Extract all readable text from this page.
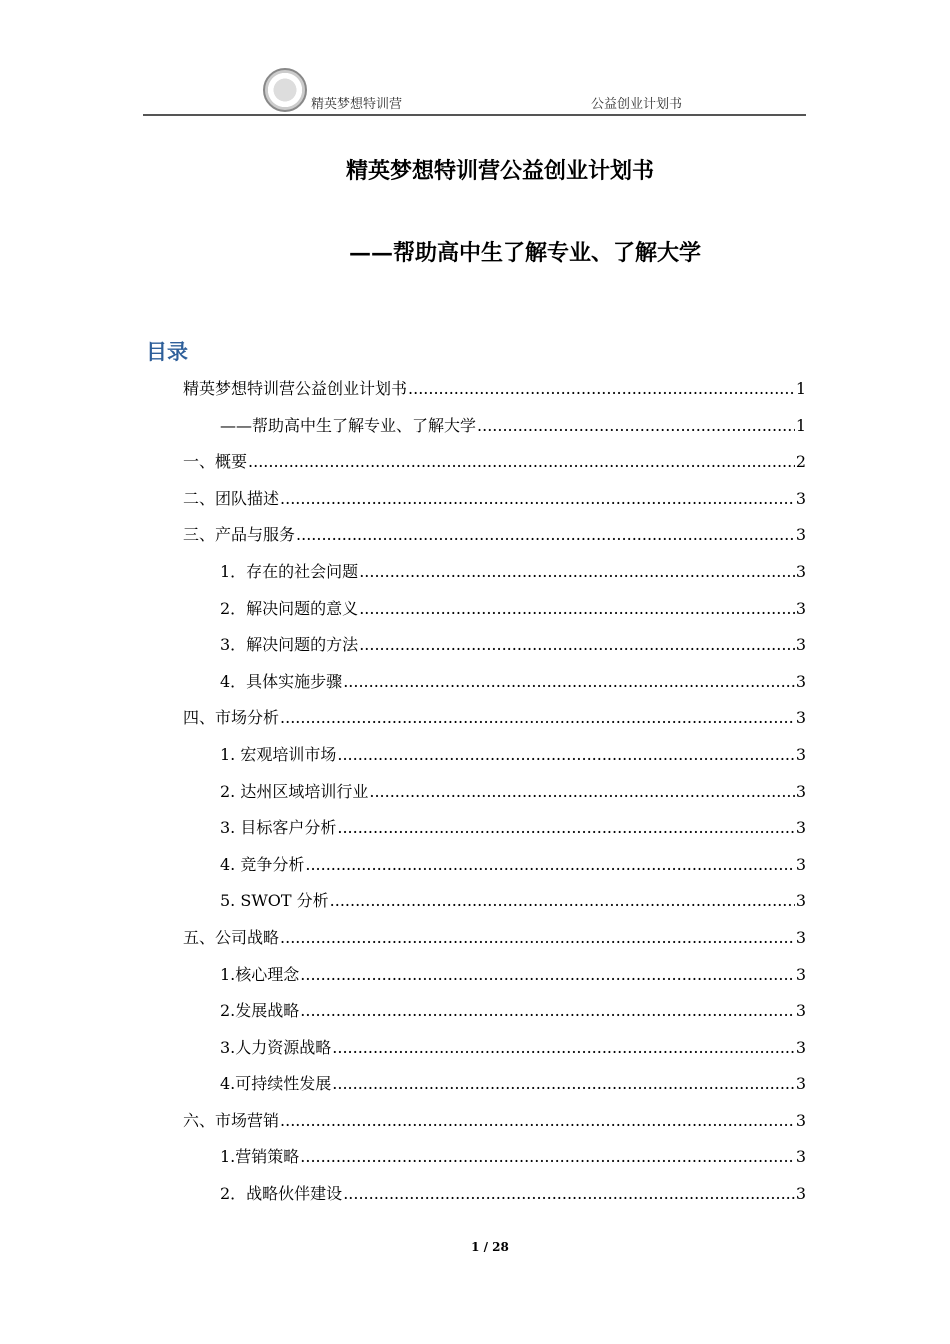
精英梦想特训营	公益创业计划书
精英梦想特训营公益创业计划书
——帮助高中生了解专业、了解大学
目录
精英梦想特训营公益创业计划书 .....	1
——帮助高中生了解专业、了解大学 .....	1
一、概要 .....	2
二、团队描述 .....	3
三、产品与服务 .....	3
1．存在的社会问题 .....	3
2．解决问题的意义 .....	3
3．解决问题的方法 .....	3
4．具体实施步骤 .....	3
四、市场分析 .....	3
1. 宏观培训市场 .....	3
2. 达州区域培训行业 .....	3
3. 目标客户分析 .....	3
4. 竞争分析 .....	3
5. SWOT 分析 .....	3
五、公司战略 .....	3
1.核心理念 .....	3
2.发展战略 .....	3
3.人力资源战略 .....	3
4.可持续性发展 .....	3
六、市场营销 .....	3
1.营销策略 .....	3
2．战略伙伴建设 .....	3
1 / 28
